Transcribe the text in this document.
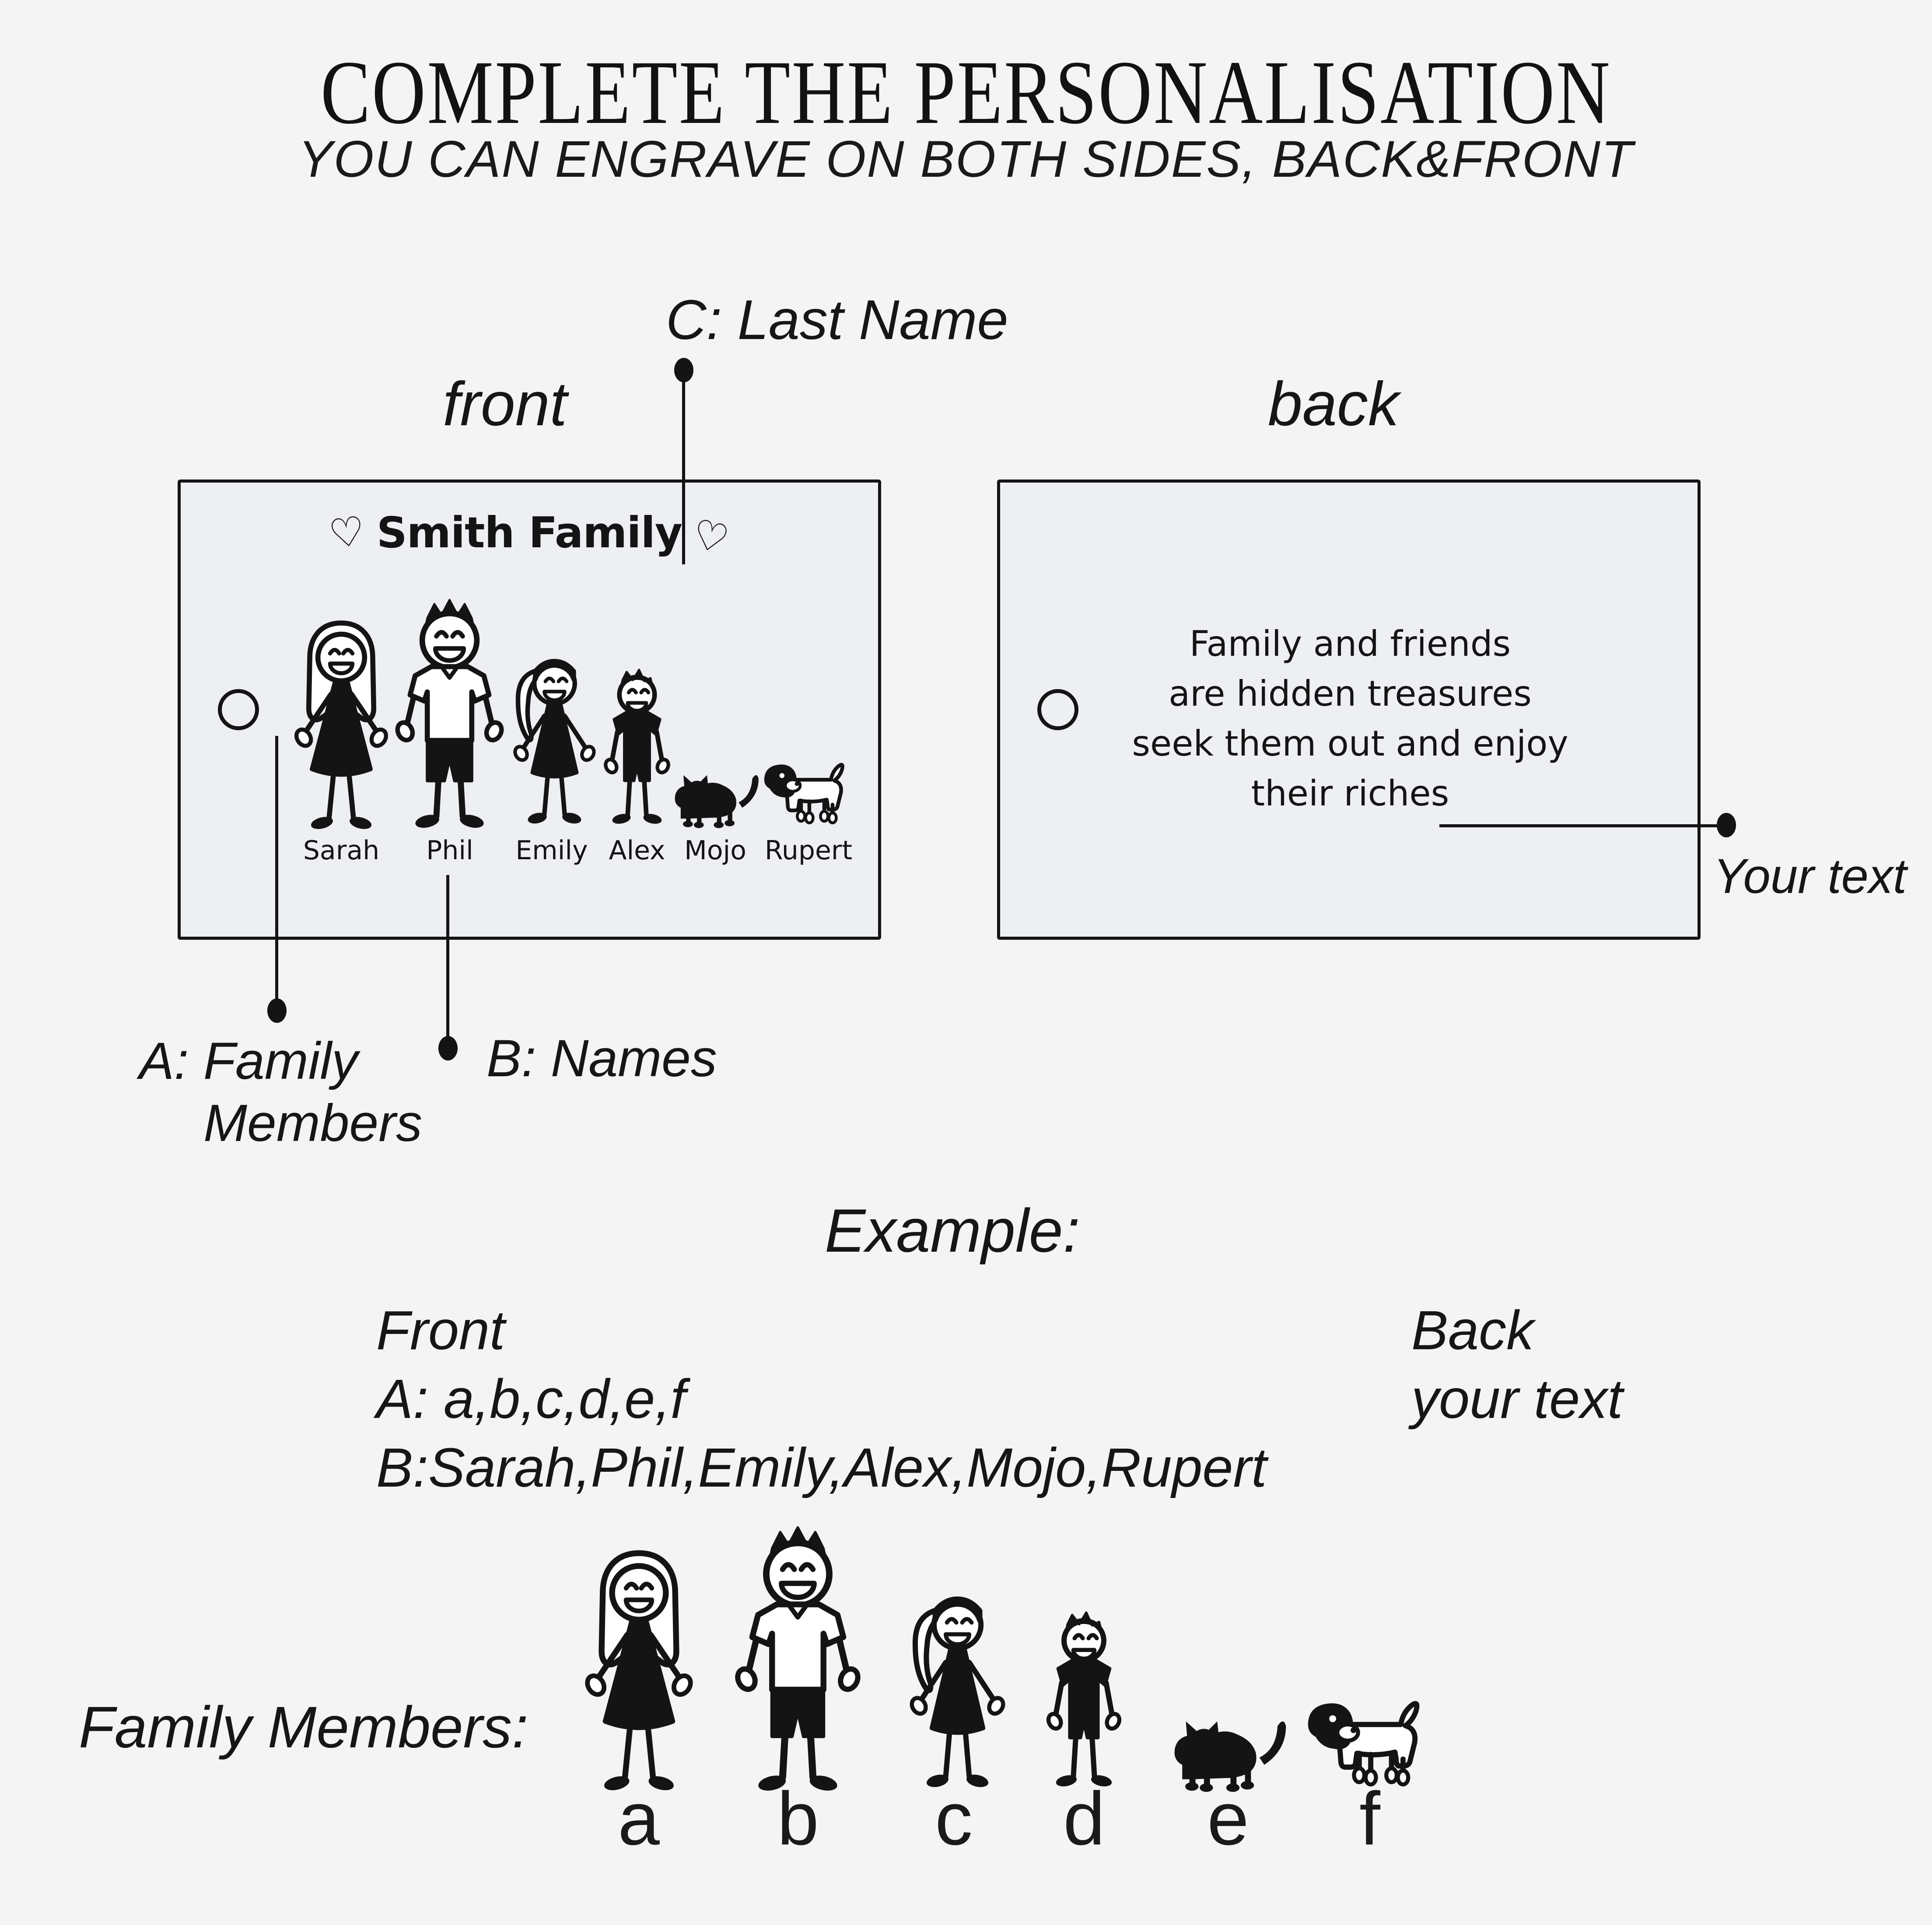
COMPLETE THE PERSONALISATION
YOU CAN ENGRAVE ON BOTH SIDES, BACK&FRONT
C: Last Name
front	back
♡ Smith Family ♡
Sarah Phil Emily Alex Mojo Rupert
Family and friends
are hidden treasures
seek them out and enjoy
their riches
Your text
A: Family
Members
B: Names
Example:
Front
A: a,b,c,d,e,f
B:Sarah,Phil,Emily,Alex,Mojo,Rupert
Back
your text
Family Members:
a b c d e f
